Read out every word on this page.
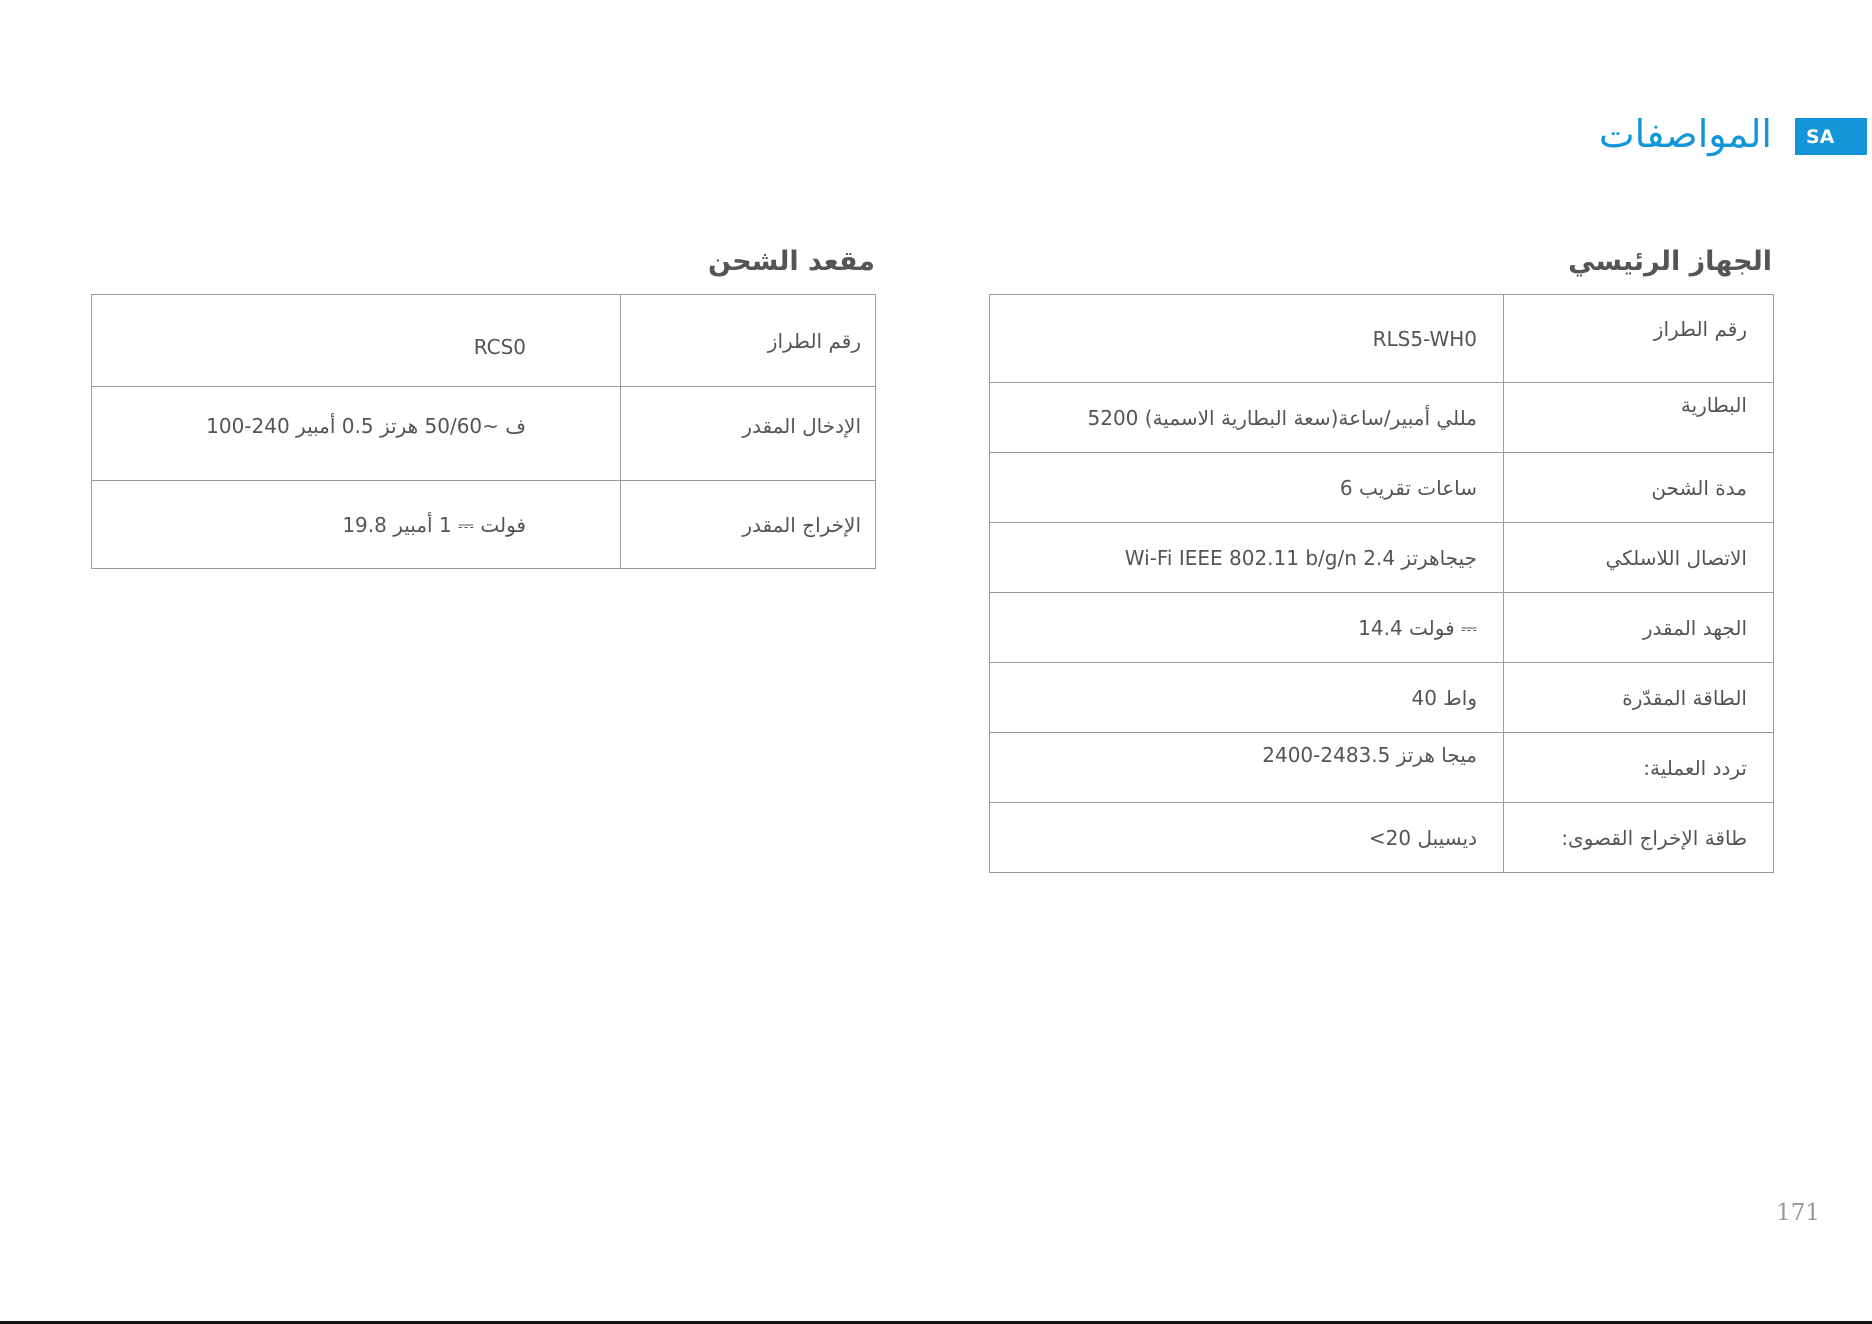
المواصفات	SA
الجهاز الرئيسي
RLS5-WH0	رقم الطراز
5200 مللي أمبير/ساعة(سعة البطارية الاسمية)	البطارية
6 ساعات تقريب	مدة الشحن
Wi-Fi IEEE 802.11 b/g/n 2.4 جيجاهرتز	الاتصال اللاسلكي
14.4 فولت ⎓	الجهد المقدر
40 واط	الطاقة المقدّرة
2400-2483.5 ميجا هرتز	تردد العملية:
<20 ديسيبل	طاقة الإخراج القصوى:
مقعد الشحن
RCS0	رقم الطراز
100-240 ف ~50/60 هرتز 0.5 أمبير	الإدخال المقدر
19.8 فولت ⎓ 1 أمبير	الإخراج المقدر
171
